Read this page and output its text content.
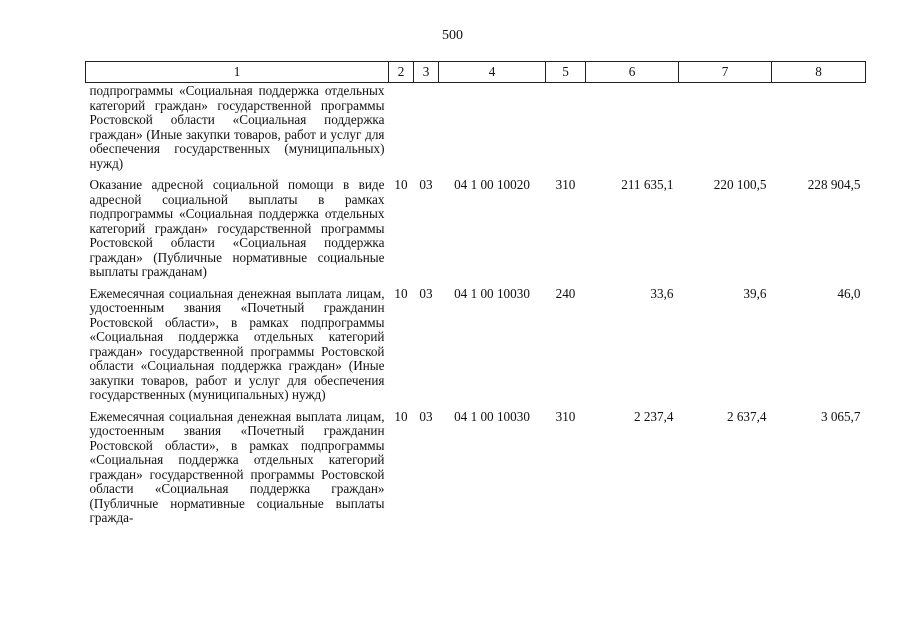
500
1	2	3	4	5	6	7	8
подпрограммы «Социальная поддержка отдельных категорий граждан» государственной программы Ростовской области «Социальная поддержка граждан» (Иные закупки товаров, работ и услуг для обеспечения государственных (муниципальных) нужд)							
Оказание адресной социальной помощи в виде адресной социальной выплаты в рамках подпрограммы «Социальная поддержка отдельных категорий граждан» государственной программы Ростовской области «Социальная поддержка граждан» (Публичные нормативные социальные выплаты гражданам)	10	03	04 1 00 10020	310	211 635,1	220 100,5	228 904,5
Ежемесячная социальная денежная выплата лицам, удостоенным звания «Почетный гражданин Ростовской области», в рамках подпрограммы «Социальная поддержка отдельных категорий граждан» государственной программы Ростовской области «Социальная поддержка граждан» (Иные закупки товаров, работ и услуг для обеспечения государственных (муниципальных) нужд)	10	03	04 1 00 10030	240	33,6	39,6	46,0
Ежемесячная социальная денежная выплата лицам, удостоенным звания «Почетный гражданин Ростовской области», в рамках подпрограммы «Социальная поддержка отдельных категорий граждан» государственной программы Ростовской области «Социальная поддержка граждан» (Публичные нормативные социальные выплаты гражда-	10	03	04 1 00 10030	310	2 237,4	2 637,4	3 065,7
